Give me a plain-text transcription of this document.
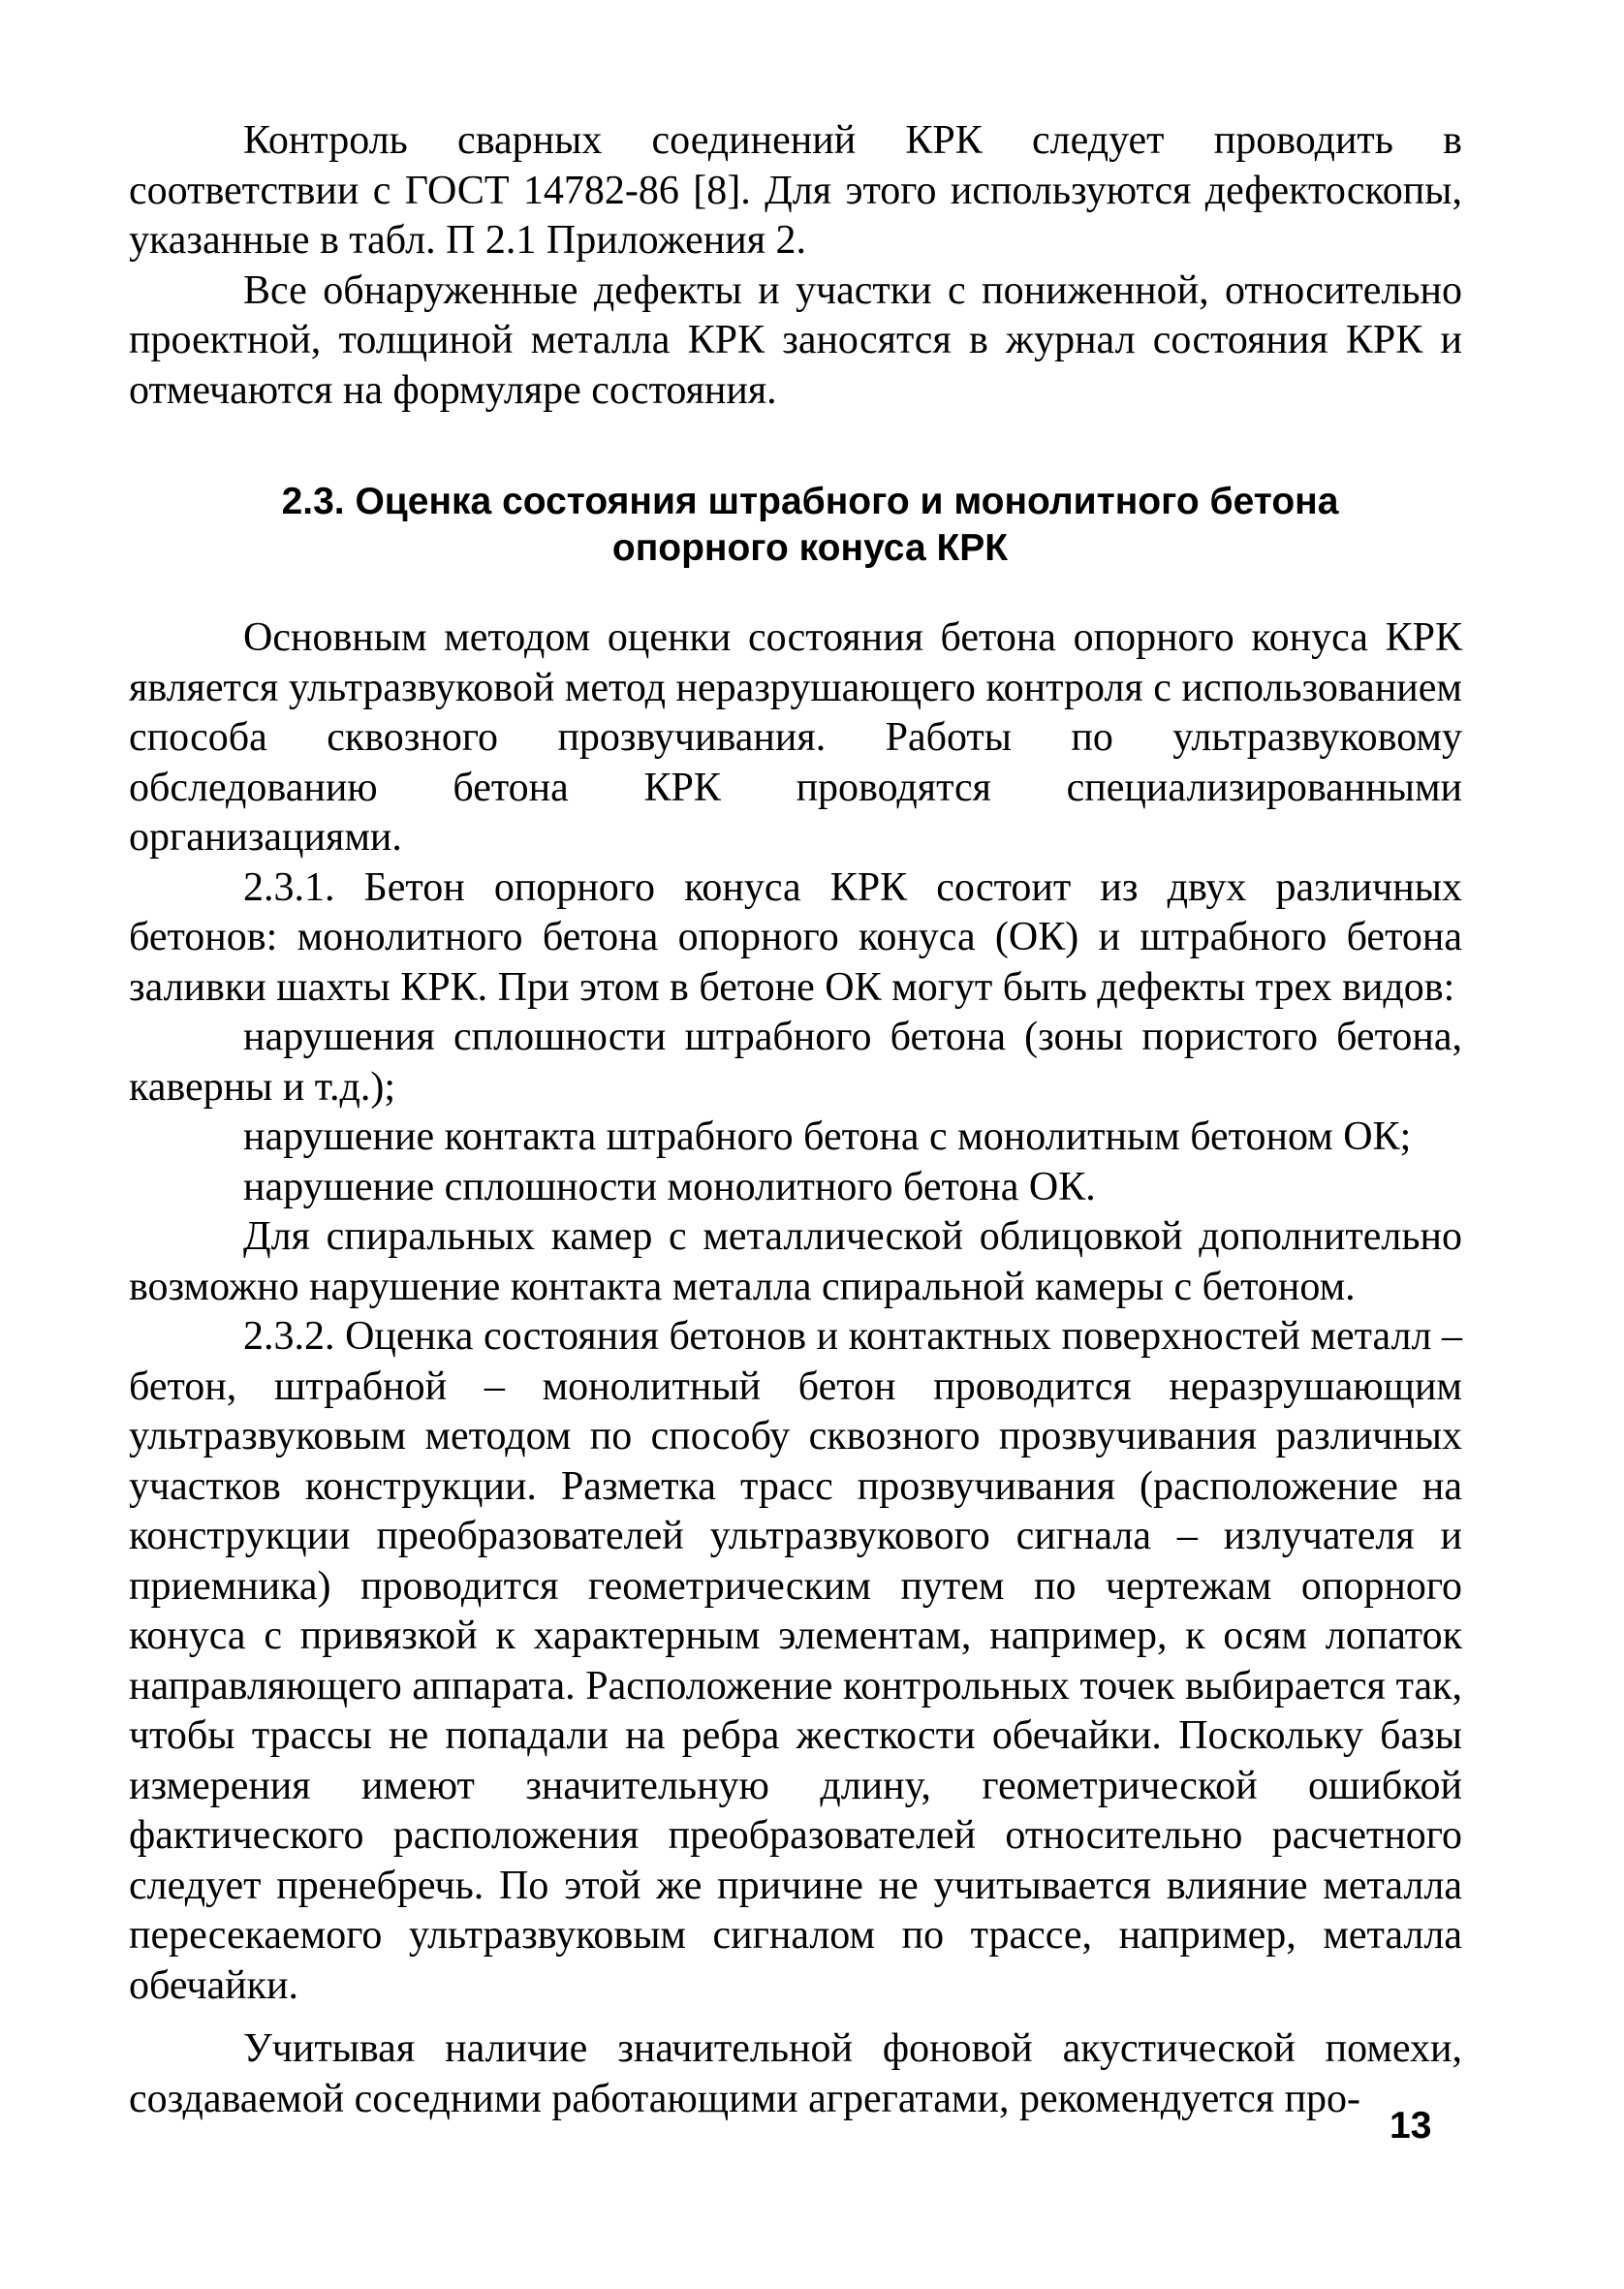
Контроль сварных соединений КРК следует проводить в соответствии с ГОСТ 14782-86 [8]. Для этого используются дефектоскопы, указанные в табл. П 2.1 Приложения 2.

Все обнаруженные дефекты и участки с пониженной, относительно проектной, толщиной металла КРК заносятся в журнал состояния КРК и отмечаются на формуляре состояния.

2.3. Оценка состояния штрабного и монолитного бетона
опорного конуса КРК

Основным методом оценки состояния бетона опорного конуса КРК является ультразвуковой метод неразрушающего контроля с использованием способа сквозного прозвучивания. Работы по ультразвуковому обследованию бетона КРК проводятся специализированными организациями.

2.3.1. Бетон опорного конуса КРК состоит из двух различных бетонов: монолитного бетона опорного конуса (ОК) и штрабного бетона заливки шахты КРК. При этом в бетоне ОК могут быть дефекты трех видов:

нарушения сплошности штрабного бетона (зоны пористого бетона, каверны и т.д.);

нарушение контакта штрабного бетона с монолитным бетоном ОК;

нарушение сплошности монолитного бетона ОК.

Для спиральных камер с металлической облицовкой дополнительно возможно нарушение контакта металла спиральной камеры с бетоном.

2.3.2. Оценка состояния бетонов и контактных поверхностей металл – бетон, штрабной – монолитный бетон проводится неразрушающим ультразвуковым методом по способу сквозного прозвучивания различных участков конструкции. Разметка трасс прозвучивания (расположение на конструкции преобразователей ультразвукового сигнала – излучателя и приемника) проводится геометрическим путем по чертежам опорного конуса с привязкой к характерным элементам, например, к осям лопаток направляющего аппарата. Расположение контрольных точек выбирается так, чтобы трассы не попадали на ребра жесткости обечайки. Поскольку базы измерения имеют значительную длину, геометрической ошибкой фактического расположения преобразователей относительно расчетного следует пренебречь. По этой же причине не учитывается влияние металла пересекаемого ультразвуковым сигналом по трассе, например, металла обечайки.

Учитывая наличие значительной фоновой акустической помехи, создаваемой соседними работающими агрегатами, рекомендуется про-

13
